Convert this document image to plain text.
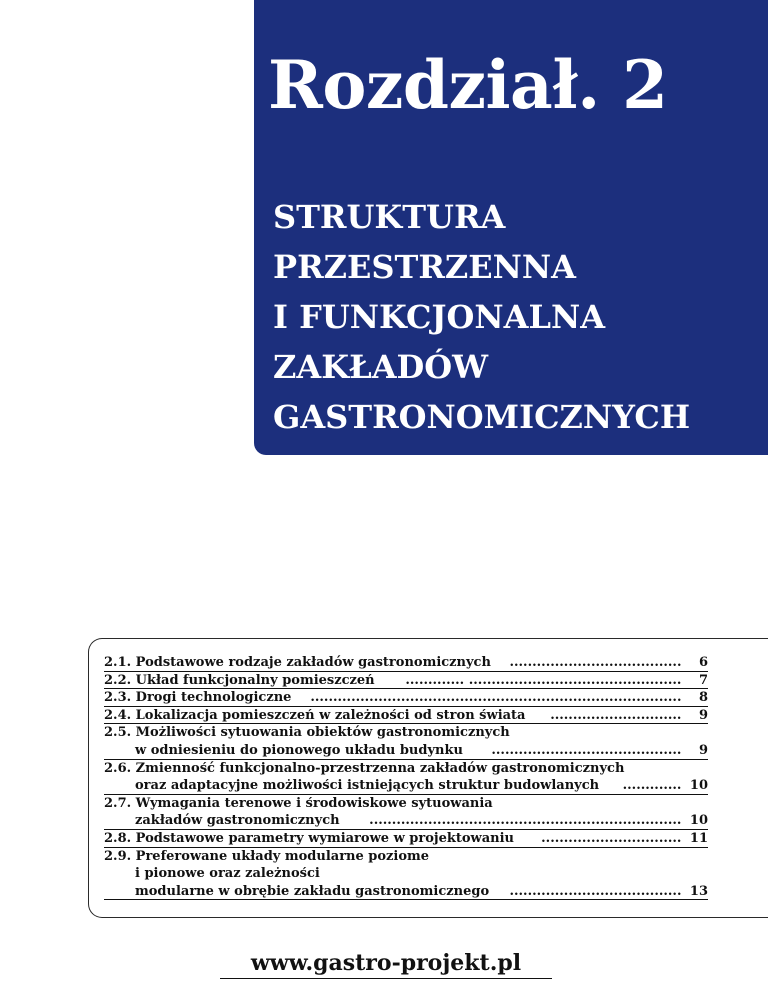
Rozdział. 2
STRUKTURA
PRZESTRZENNA
I FUNKCJONALNA
ZAKŁADÓW
GASTRONOMICZNYCH
2.1. Podstawowe rodzaje zakładów gastronomicznych ...................................... 6
2.2. Układ funkcjonalny pomieszczeń ............. ............................................... 7
2.3. Drogi technologiczne .................................................................................. 8
2.4. Lokalizacja pomieszczeń w zależności od stron świata ............................. 9
2.5. Możliwości sytuowania obiektów gastronomicznych
w odniesieniu do pionowego układu budynku .......................................... 9
2.6. Zmienność funkcjonalno-przestrzenna zakładów gastronomicznych
oraz adaptacyjne możliwości istniejących struktur budowlanych ............. 10
2.7. Wymagania terenowe i środowiskowe sytuowania
zakładów gastronomicznych ..................................................................... 10
2.8. Podstawowe parametry wymiarowe w projektowaniu ............................... 11
2.9. Preferowane układy modularne poziome
i pionowe oraz zależności
modularne w obrębie zakładu gastronomicznego ...................................... 13
www.gastro-projekt.pl
